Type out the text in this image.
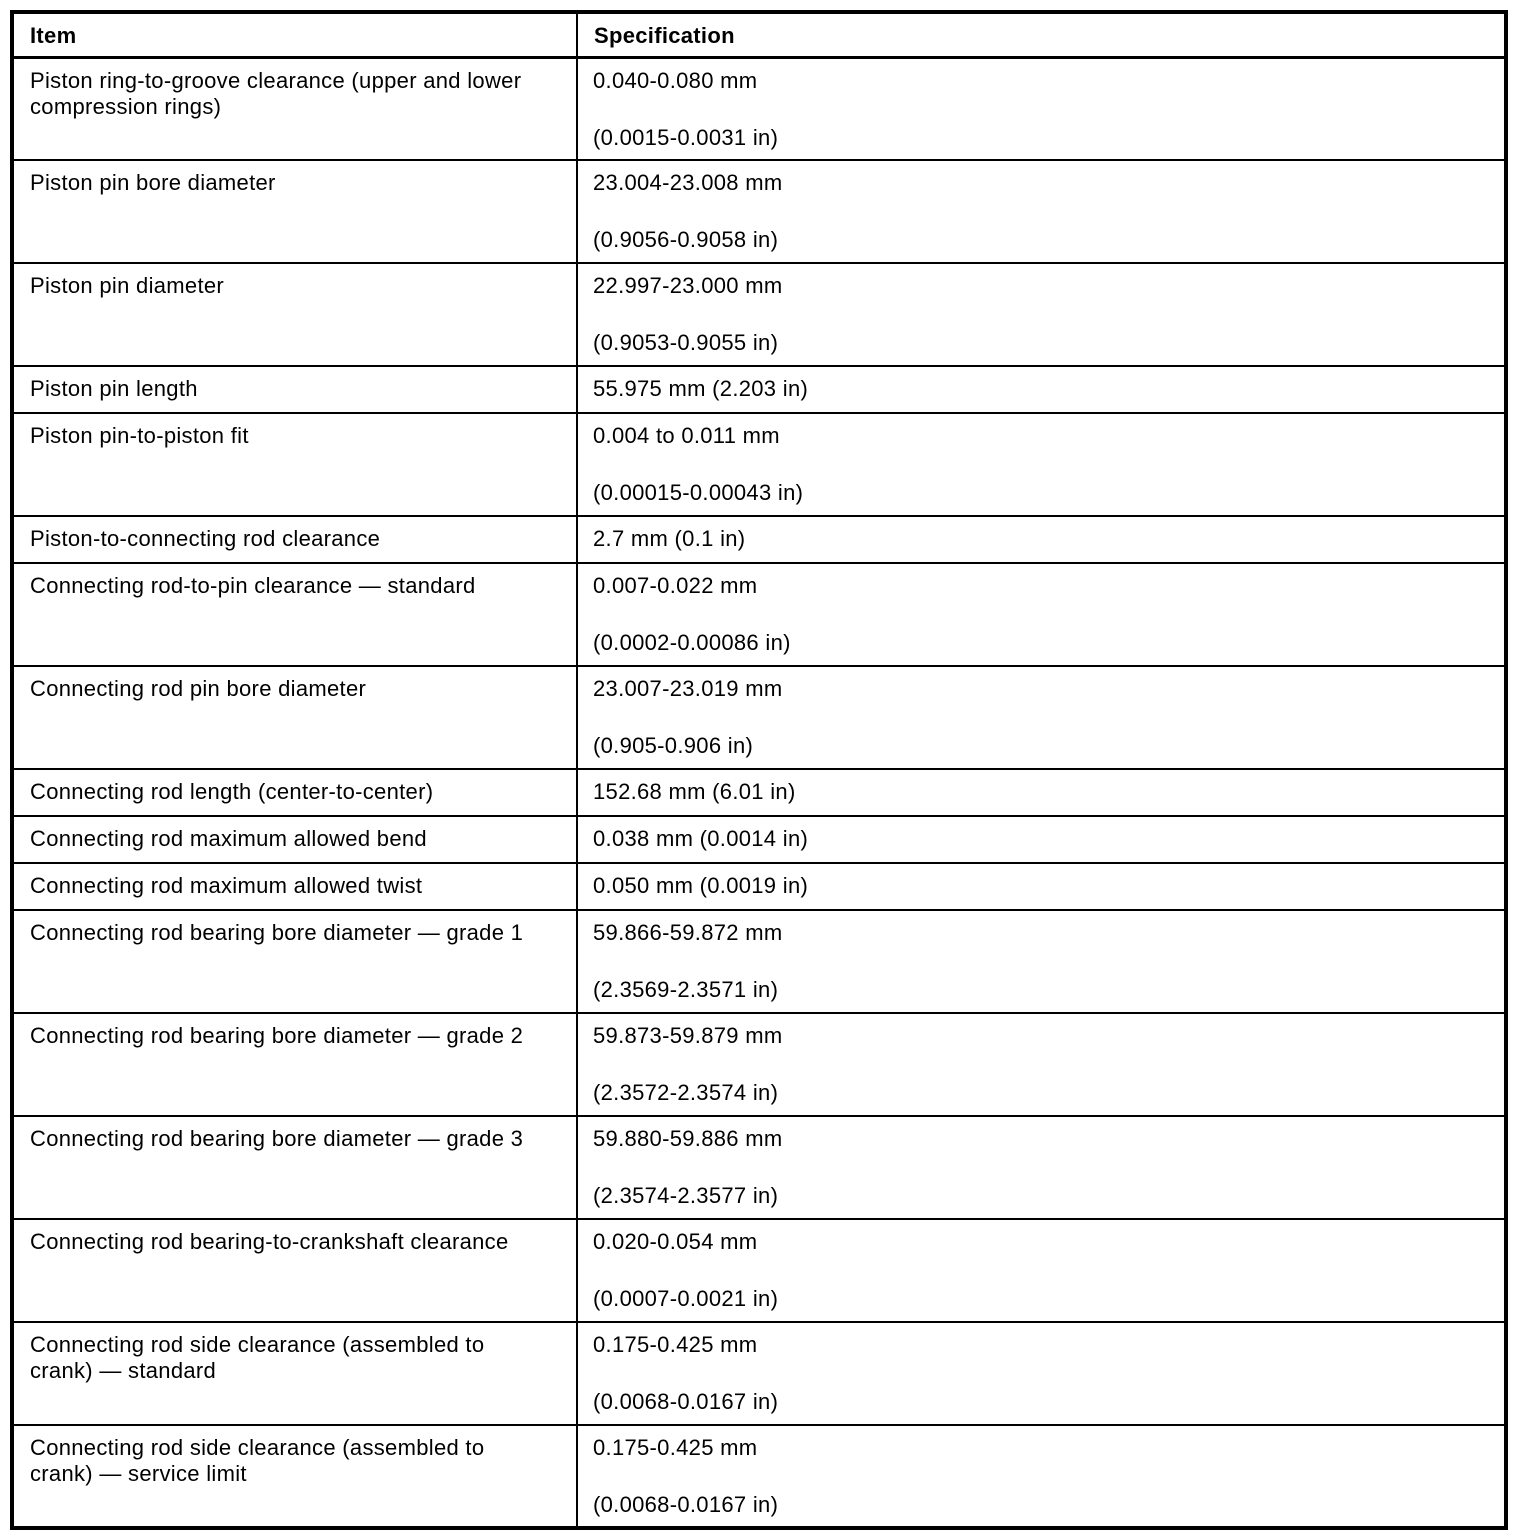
Item	Specification
Piston ring-to-groove clearance (upper and lower compression rings)	0.040-0.080 mm
(0.0015-0.0031 in)

Piston pin bore diameter	23.004-23.008 mm
(0.9056-0.9058 in)

Piston pin diameter	22.997-23.000 mm
(0.9053-0.9055 in)

Piston pin length	55.975 mm (2.203 in)

Piston pin-to-piston fit	0.004 to 0.011 mm
(0.00015-0.00043 in)

Piston-to-connecting rod clearance	2.7 mm (0.1 in)

Connecting rod-to-pin clearance — standard	0.007-0.022 mm
(0.0002-0.00086 in)

Connecting rod pin bore diameter	23.007-23.019 mm
(0.905-0.906 in)

Connecting rod length (center-to-center)	152.68 mm (6.01 in)

Connecting rod maximum allowed bend	0.038 mm (0.0014 in)

Connecting rod maximum allowed twist	0.050 mm (0.0019 in)

Connecting rod bearing bore diameter — grade 1	59.866-59.872 mm
(2.3569-2.3571 in)

Connecting rod bearing bore diameter — grade 2	59.873-59.879 mm
(2.3572-2.3574 in)

Connecting rod bearing bore diameter — grade 3	59.880-59.886 mm
(2.3574-2.3577 in)

Connecting rod bearing-to-crankshaft clearance	0.020-0.054 mm
(0.0007-0.0021 in)

Connecting rod side clearance (assembled to crank) — standard	0.175-0.425 mm
(0.0068-0.0167 in)

Connecting rod side clearance (assembled to crank) — service limit	0.175-0.425 mm
(0.0068-0.0167 in)
